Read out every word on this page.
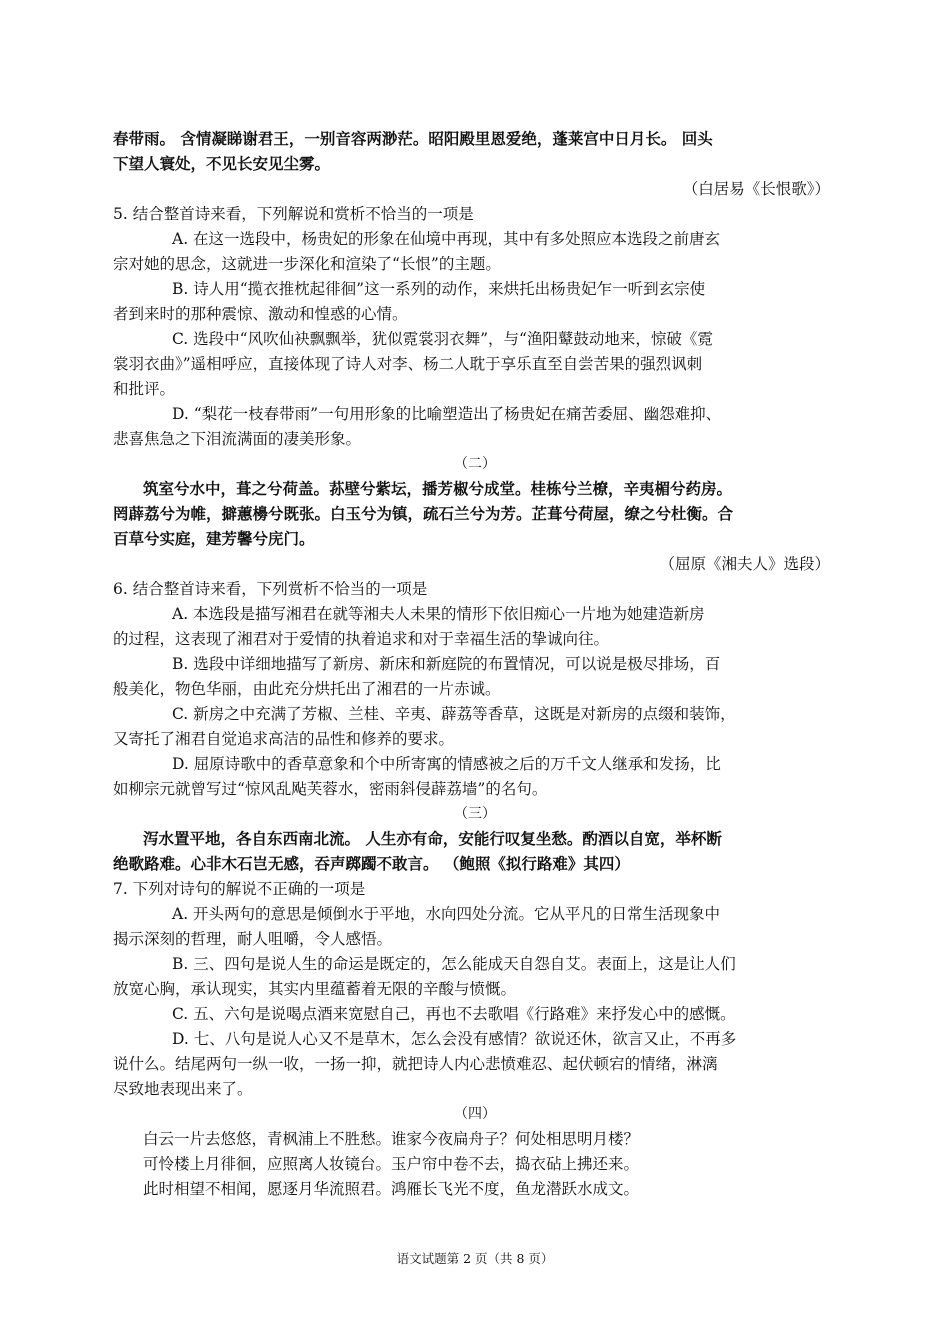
春带雨。 含情凝睇谢君王，一别音容两渺茫。昭阳殿里恩爱绝，蓬莱宫中日月长。 回头
下望人寰处，不见长安见尘雾。
（白居易《长恨歌》）
5. 结合整首诗来看，下列解说和赏析不恰当的一项是
A. 在这一选段中，杨贵妃的形象在仙境中再现，其中有多处照应本选段之前唐玄
宗对她的思念，这就进一步深化和渲染了“长恨”的主题。
B. 诗人用“揽衣推枕起徘徊”这一系列的动作，来烘托出杨贵妃乍一听到玄宗使
者到来时的那种震惊、激动和惶惑的心情。
C. 选段中“风吹仙袂飘飘举，犹似霓裳羽衣舞”，与“渔阳鼙鼓动地来，惊破《霓
裳羽衣曲》”遥相呼应，直接体现了诗人对李、杨二人耽于享乐直至自尝苦果的强烈讽刺
和批评。
D. “梨花一枝春带雨”一句用形象的比喻塑造出了杨贵妃在痛苦委屈、幽怨难抑、
悲喜焦急之下泪流满面的凄美形象。
（二）
筑室兮水中，葺之兮荷盖。荪壁兮紫坛，播芳椒兮成堂。桂栋兮兰橑，辛夷楣兮药房。
罔薜荔兮为帷，擗蕙櫋兮既张。白玉兮为镇，疏石兰兮为芳。芷葺兮荷屋，缭之兮杜衡。合
百草兮实庭，建芳馨兮庑门。
（屈原《湘夫人》选段）
6. 结合整首诗来看，下列赏析不恰当的一项是
A. 本选段是描写湘君在就等湘夫人未果的情形下依旧痴心一片地为她建造新房
的过程，这表现了湘君对于爱情的执着追求和对于幸福生活的挚诚向往。
B. 选段中详细地描写了新房、新床和新庭院的布置情况，可以说是极尽排场，百
般美化，物色华丽，由此充分烘托出了湘君的一片赤诚。
C. 新房之中充满了芳椒、兰桂、辛夷、薜荔等香草，这既是对新房的点缀和装饰，
又寄托了湘君自觉追求高洁的品性和修养的要求。
D. 屈原诗歌中的香草意象和个中所寄寓的情感被之后的万千文人继承和发扬，比
如柳宗元就曾写过“惊风乱飐芙蓉水，密雨斜侵薜荔墙”的名句。
（三）
泻水置平地，各自东西南北流。 人生亦有命，安能行叹复坐愁。酌酒以自宽，举杯断
绝歌路难。心非木石岂无感，吞声踯躅不敢言。 （鲍照《拟行路难》其四）
7. 下列对诗句的解说不正确的一项是
A. 开头两句的意思是倾倒水于平地，水向四处分流。它从平凡的日常生活现象中
揭示深刻的哲理，耐人咀嚼，令人感悟。
B. 三、四句是说人生的命运是既定的，怎么能成天自怨自艾。表面上，这是让人们
放宽心胸，承认现实，其实内里蕴蓄着无限的辛酸与愤慨。
C. 五、六句是说喝点酒来宽慰自己，再也不去歌唱《行路难》来抒发心中的感慨。
D. 七、八句是说人心又不是草木，怎么会没有感情？欲说还休，欲言又止，不再多
说什么。结尾两句一纵一收，一扬一抑，就把诗人内心悲愤难忍、起伏顿宕的情绪，淋漓
尽致地表现出来了。
（四）
白云一片去悠悠，青枫浦上不胜愁。谁家今夜扁舟子？何处相思明月楼？
可怜楼上月徘徊，应照离人妆镜台。玉户帘中卷不去，捣衣砧上拂还来。
此时相望不相闻，愿逐月华流照君。鸿雁长飞光不度，鱼龙潜跃水成文。
语文试题第 2 页（共 8 页）
